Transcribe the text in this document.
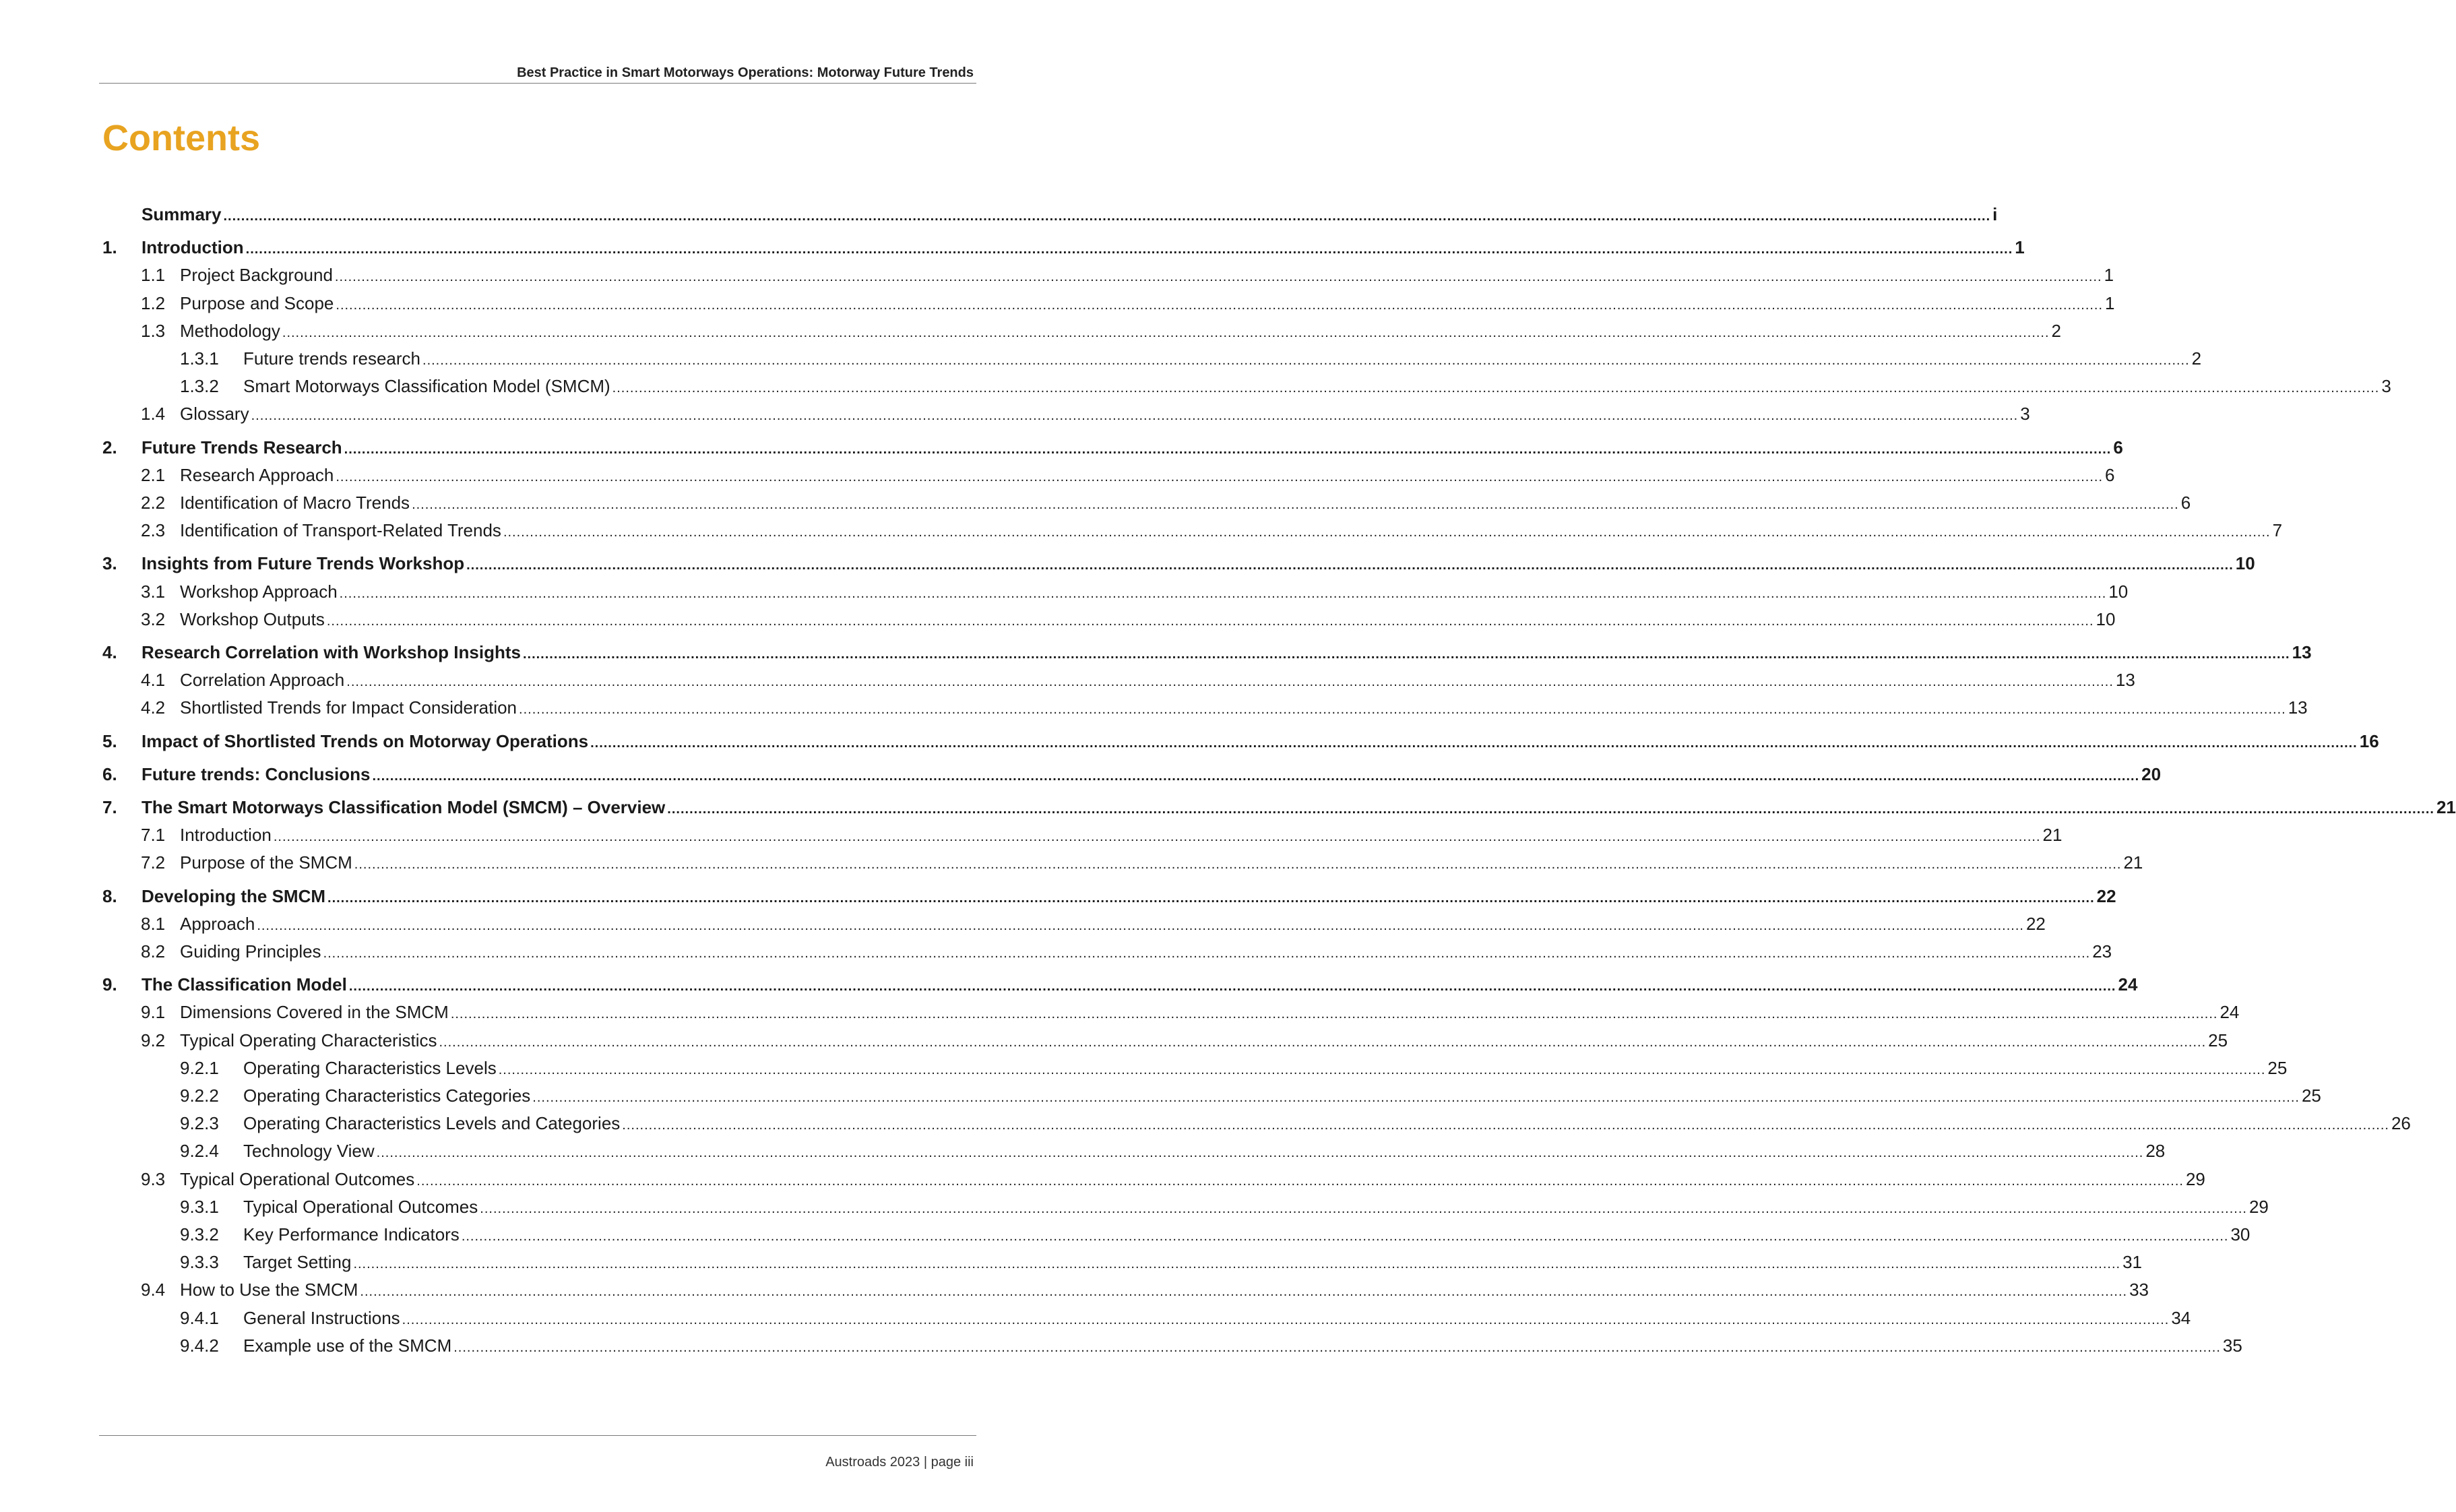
Best Practice in Smart Motorways Operations: Motorway Future Trends
Contents
Summary ................................................................................................................................................................................................................................................................................................................................................................................................................ i
1.	Introduction ................................................................................................................................................................................................................................................................................................................................................................................................................ 1
1.1 Project Background ................................................................................................................................................................................................................................................................................................................................................................................................................ 1
1.2 Purpose and Scope ................................................................................................................................................................................................................................................................................................................................................................................................................ 1
1.3 Methodology ................................................................................................................................................................................................................................................................................................................................................................................................................ 2
1.3.1	Future trends research ................................................................................................................................................................................................................................................................................................................................................................................................................ 2
1.3.2	Smart Motorways Classification Model (SMCM) ................................................................................................................................................................................................................................................................................................................................................................................................................ 3
1.4 Glossary ................................................................................................................................................................................................................................................................................................................................................................................................................ 3
2.	Future Trends Research ................................................................................................................................................................................................................................................................................................................................................................................................................ 6
2.1 Research Approach ................................................................................................................................................................................................................................................................................................................................................................................................................ 6
2.2 Identification of Macro Trends ................................................................................................................................................................................................................................................................................................................................................................................................................ 6
2.3 Identification of Transport-Related Trends ................................................................................................................................................................................................................................................................................................................................................................................................................ 7
3.	Insights from Future Trends Workshop ................................................................................................................................................................................................................................................................................................................................................................................................................ 10
3.1 Workshop Approach ................................................................................................................................................................................................................................................................................................................................................................................................................ 10
3.2 Workshop Outputs ................................................................................................................................................................................................................................................................................................................................................................................................................ 10
4.	Research Correlation with Workshop Insights ................................................................................................................................................................................................................................................................................................................................................................................................................ 13
4.1 Correlation Approach ................................................................................................................................................................................................................................................................................................................................................................................................................ 13
4.2 Shortlisted Trends for Impact Consideration ................................................................................................................................................................................................................................................................................................................................................................................................................ 13
5.	Impact of Shortlisted Trends on Motorway Operations ................................................................................................................................................................................................................................................................................................................................................................................................................ 16
6.	Future trends: Conclusions ................................................................................................................................................................................................................................................................................................................................................................................................................ 20
7.	The Smart Motorways Classification Model (SMCM) – Overview ................................................................................................................................................................................................................................................................................................................................................................................................................ 21
7.1 Introduction ................................................................................................................................................................................................................................................................................................................................................................................................................ 21
7.2 Purpose of the SMCM ................................................................................................................................................................................................................................................................................................................................................................................................................ 21
8.	Developing the SMCM ................................................................................................................................................................................................................................................................................................................................................................................................................ 22
8.1 Approach ................................................................................................................................................................................................................................................................................................................................................................................................................ 22
8.2 Guiding Principles ................................................................................................................................................................................................................................................................................................................................................................................................................ 23
9.	The Classification Model ................................................................................................................................................................................................................................................................................................................................................................................................................ 24
9.1 Dimensions Covered in the SMCM ................................................................................................................................................................................................................................................................................................................................................................................................................ 24
9.2 Typical Operating Characteristics ................................................................................................................................................................................................................................................................................................................................................................................................................ 25
9.2.1	Operating Characteristics Levels ................................................................................................................................................................................................................................................................................................................................................................................................................ 25
9.2.2	Operating Characteristics Categories ................................................................................................................................................................................................................................................................................................................................................................................................................ 25
9.2.3	Operating Characteristics Levels and Categories ................................................................................................................................................................................................................................................................................................................................................................................................................ 26
9.2.4	Technology View ................................................................................................................................................................................................................................................................................................................................................................................................................ 28
9.3 Typical Operational Outcomes ................................................................................................................................................................................................................................................................................................................................................................................................................ 29
9.3.1	Typical Operational Outcomes ................................................................................................................................................................................................................................................................................................................................................................................................................ 29
9.3.2	Key Performance Indicators ................................................................................................................................................................................................................................................................................................................................................................................................................ 30
9.3.3	Target Setting ................................................................................................................................................................................................................................................................................................................................................................................................................ 31
9.4 How to Use the SMCM ................................................................................................................................................................................................................................................................................................................................................................................................................ 33
9.4.1	General Instructions ................................................................................................................................................................................................................................................................................................................................................................................................................ 34
9.4.2	Example use of the SMCM ................................................................................................................................................................................................................................................................................................................................................................................................................ 35
Austroads 2023 | page iii
